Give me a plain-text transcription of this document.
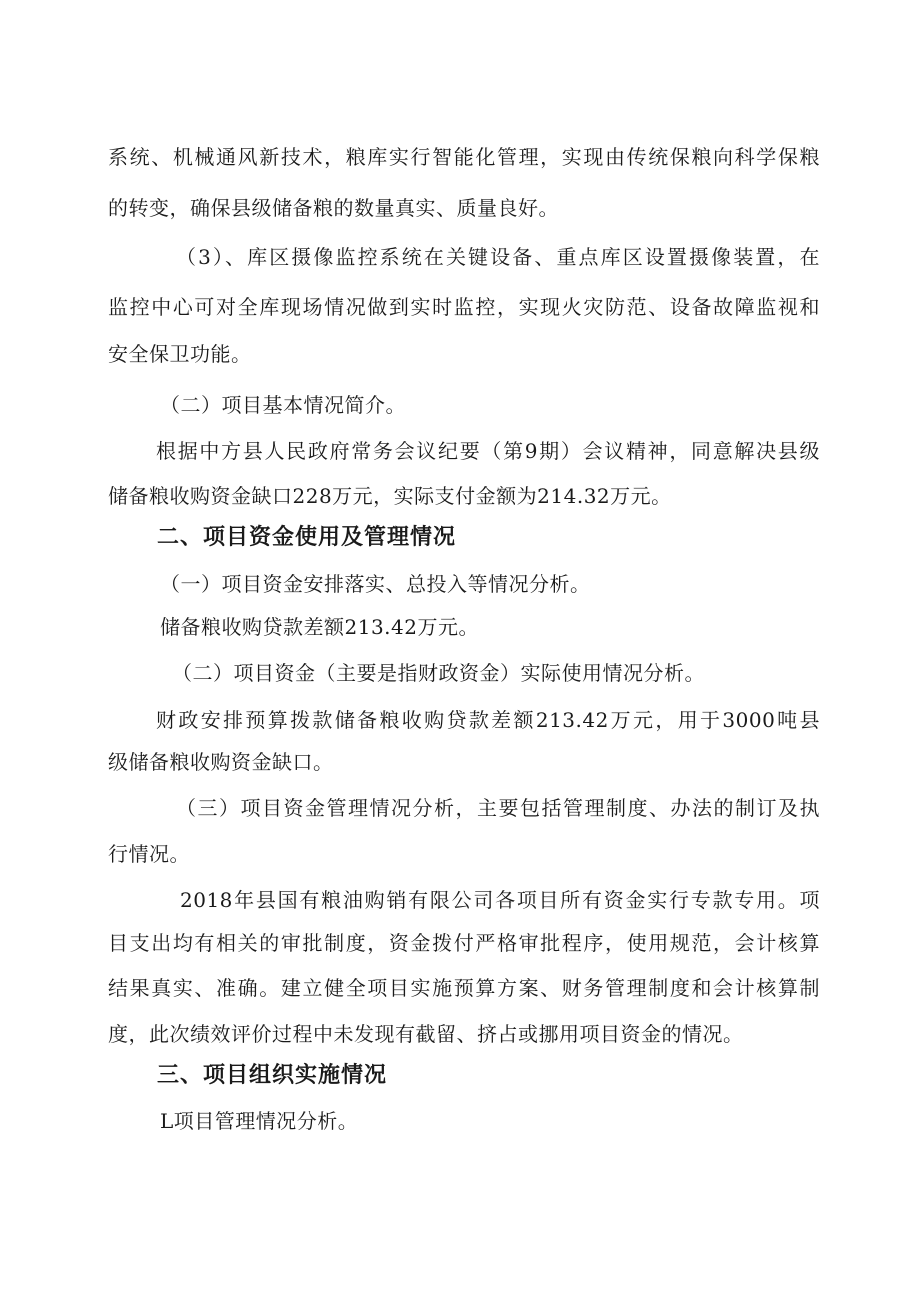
系统、机械通风新技术，粮库实行智能化管理，实现由传统保粮向科学保粮
的转变，确保县级储备粮的数量真实、质量良好。
（3）、库区摄像监控系统在关键设备、重点库区设置摄像装置，在
监控中心可对全库现场情况做到实时监控，实现火灾防范、设备故障监视和
安全保卫功能。
（二）项目基本情况简介。
根据中方县人民政府常务会议纪要（第9期）会议精神，同意解决县级
储备粮收购资金缺口228万元，实际支付金额为214.32万元。
二、项目资金使用及管理情况
（一）项目资金安排落实、总投入等情况分析。
储备粮收购贷款差额213.42万元。
（二）项目资金（主要是指财政资金）实际使用情况分析。
财政安排预算拨款储备粮收购贷款差额213.42万元，用于3000吨县
级储备粮收购资金缺口。
（三）项目资金管理情况分析，主要包括管理制度、办法的制订及执
行情况。
2018年县国有粮油购销有限公司各项目所有资金实行专款专用。项
目支出均有相关的审批制度，资金拨付严格审批程序，使用规范，会计核算
结果真实、准确。建立健全项目实施预算方案、财务管理制度和会计核算制
度，此次绩效评价过程中未发现有截留、挤占或挪用项目资金的情况。
三、项目组织实施情况
L项目管理情况分析。
